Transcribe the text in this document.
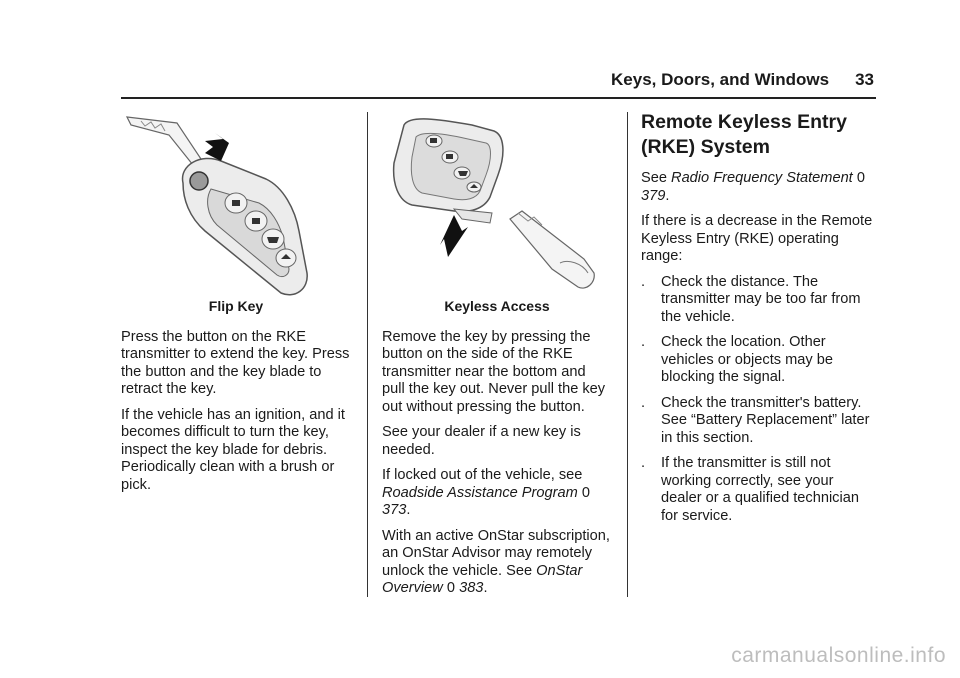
Keys, Doors, and Windows 33

Flip Key

Press the button on the RKE transmitter to extend the key. Press the button and the key blade to retract the key.

If the vehicle has an ignition, and it becomes difficult to turn the key, inspect the key blade for debris. Periodically clean with a brush or pick.

Keyless Access

Remove the key by pressing the button on the side of the RKE transmitter near the bottom and pull the key out. Never pull the key out without pressing the button.

See your dealer if a new key is needed.

If locked out of the vehicle, see Roadside Assistance Program 0 373.

With an active OnStar subscription, an OnStar Advisor may remotely unlock the vehicle. See OnStar Overview 0 383.

Remote Keyless Entry (RKE) System

See Radio Frequency Statement 0 379.

If there is a decrease in the Remote Keyless Entry (RKE) operating range:

. Check the distance. The transmitter may be too far from the vehicle.
. Check the location. Other vehicles or objects may be blocking the signal.
. Check the transmitter's battery. See “Battery Replacement” later in this section.
. If the transmitter is still not working correctly, see your dealer or a qualified technician for service.
carmanualsonline.info
